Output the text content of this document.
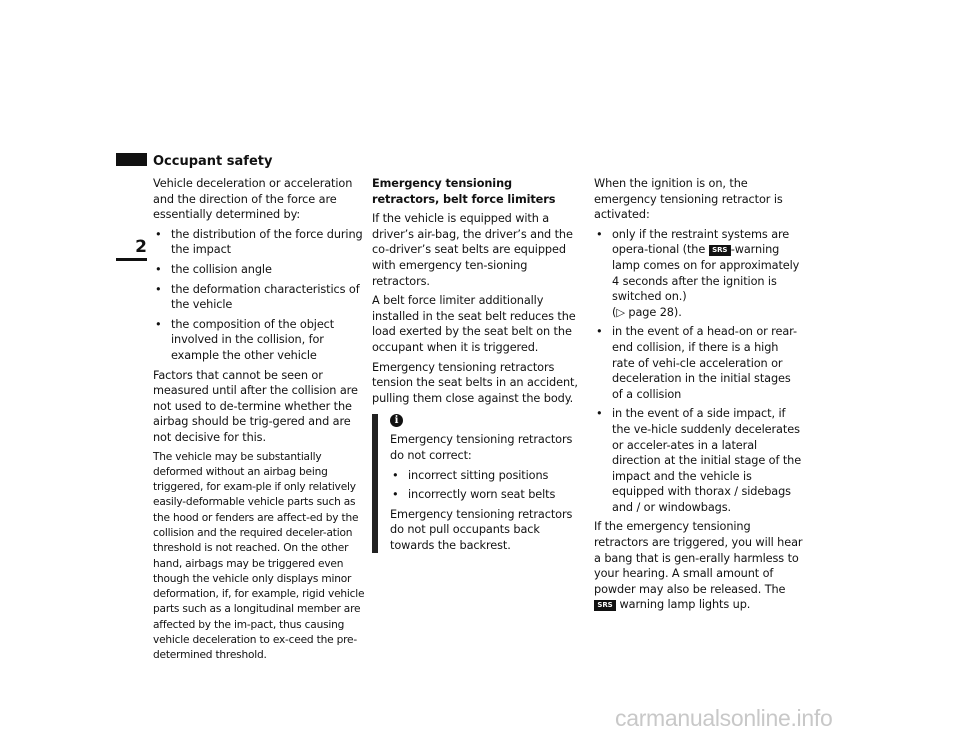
Occupant safety
2

Vehicle deceleration or acceleration and the direction of the force are essentially determined by:

• the distribution of the force during the impact
• the collision angle
• the deformation characteristics of the vehicle
• the composition of the object involved in the collision, for example the other vehicle

Factors that cannot be seen or measured until after the collision are not used to de-termine whether the airbag should be trig-gered and are not decisive for this.

The vehicle may be substantially deformed without an airbag being triggered, for exam-ple if only relatively easily-deformable vehicle parts such as the hood or fenders are affect-ed by the collision and the required deceler-ation threshold is not reached. On the other hand, airbags may be triggered even though the vehicle only displays minor deformation, if, for example, rigid vehicle parts such as a longitudinal member are affected by the im-pact, thus causing vehicle deceleration to ex-ceed the pre-determined threshold.

Emergency tensioning retractors, belt force limiters

If the vehicle is equipped with a driver’s air-bag, the driver’s and the co-driver’s seat belts are equipped with emergency ten-sioning retractors.

A belt force limiter additionally installed in the seat belt reduces the load exerted by the seat belt on the occupant when it is triggered.

Emergency tensioning retractors tension the seat belts in an accident, pulling them close against the body.

i

Emergency tensioning retractors do not correct:

• incorrect sitting positions
• incorrectly worn seat belts

Emergency tensioning retractors do not pull occupants back towards the backrest.

When the ignition is on, the emergency tensioning retractor is activated:

• only if the restraint systems are opera-tional (the SRS -warning lamp comes on for approximately 4 seconds after the ignition is switched on.)
(▷ page 28).
• in the event of a head-on or rear-end collision, if there is a high rate of vehi-cle acceleration or deceleration in the initial stages of a collision
• in the event of a side impact, if the ve-hicle suddenly decelerates or acceler-ates in a lateral direction at the initial stage of the impact and the vehicle is equipped with thorax / sidebags and / or windowbags.

If the emergency tensioning retractors are triggered, you will hear a bang that is gen-erally harmless to your hearing. A small amount of powder may also be released. The SRS warning lamp lights up.

carmanualsonline.info
